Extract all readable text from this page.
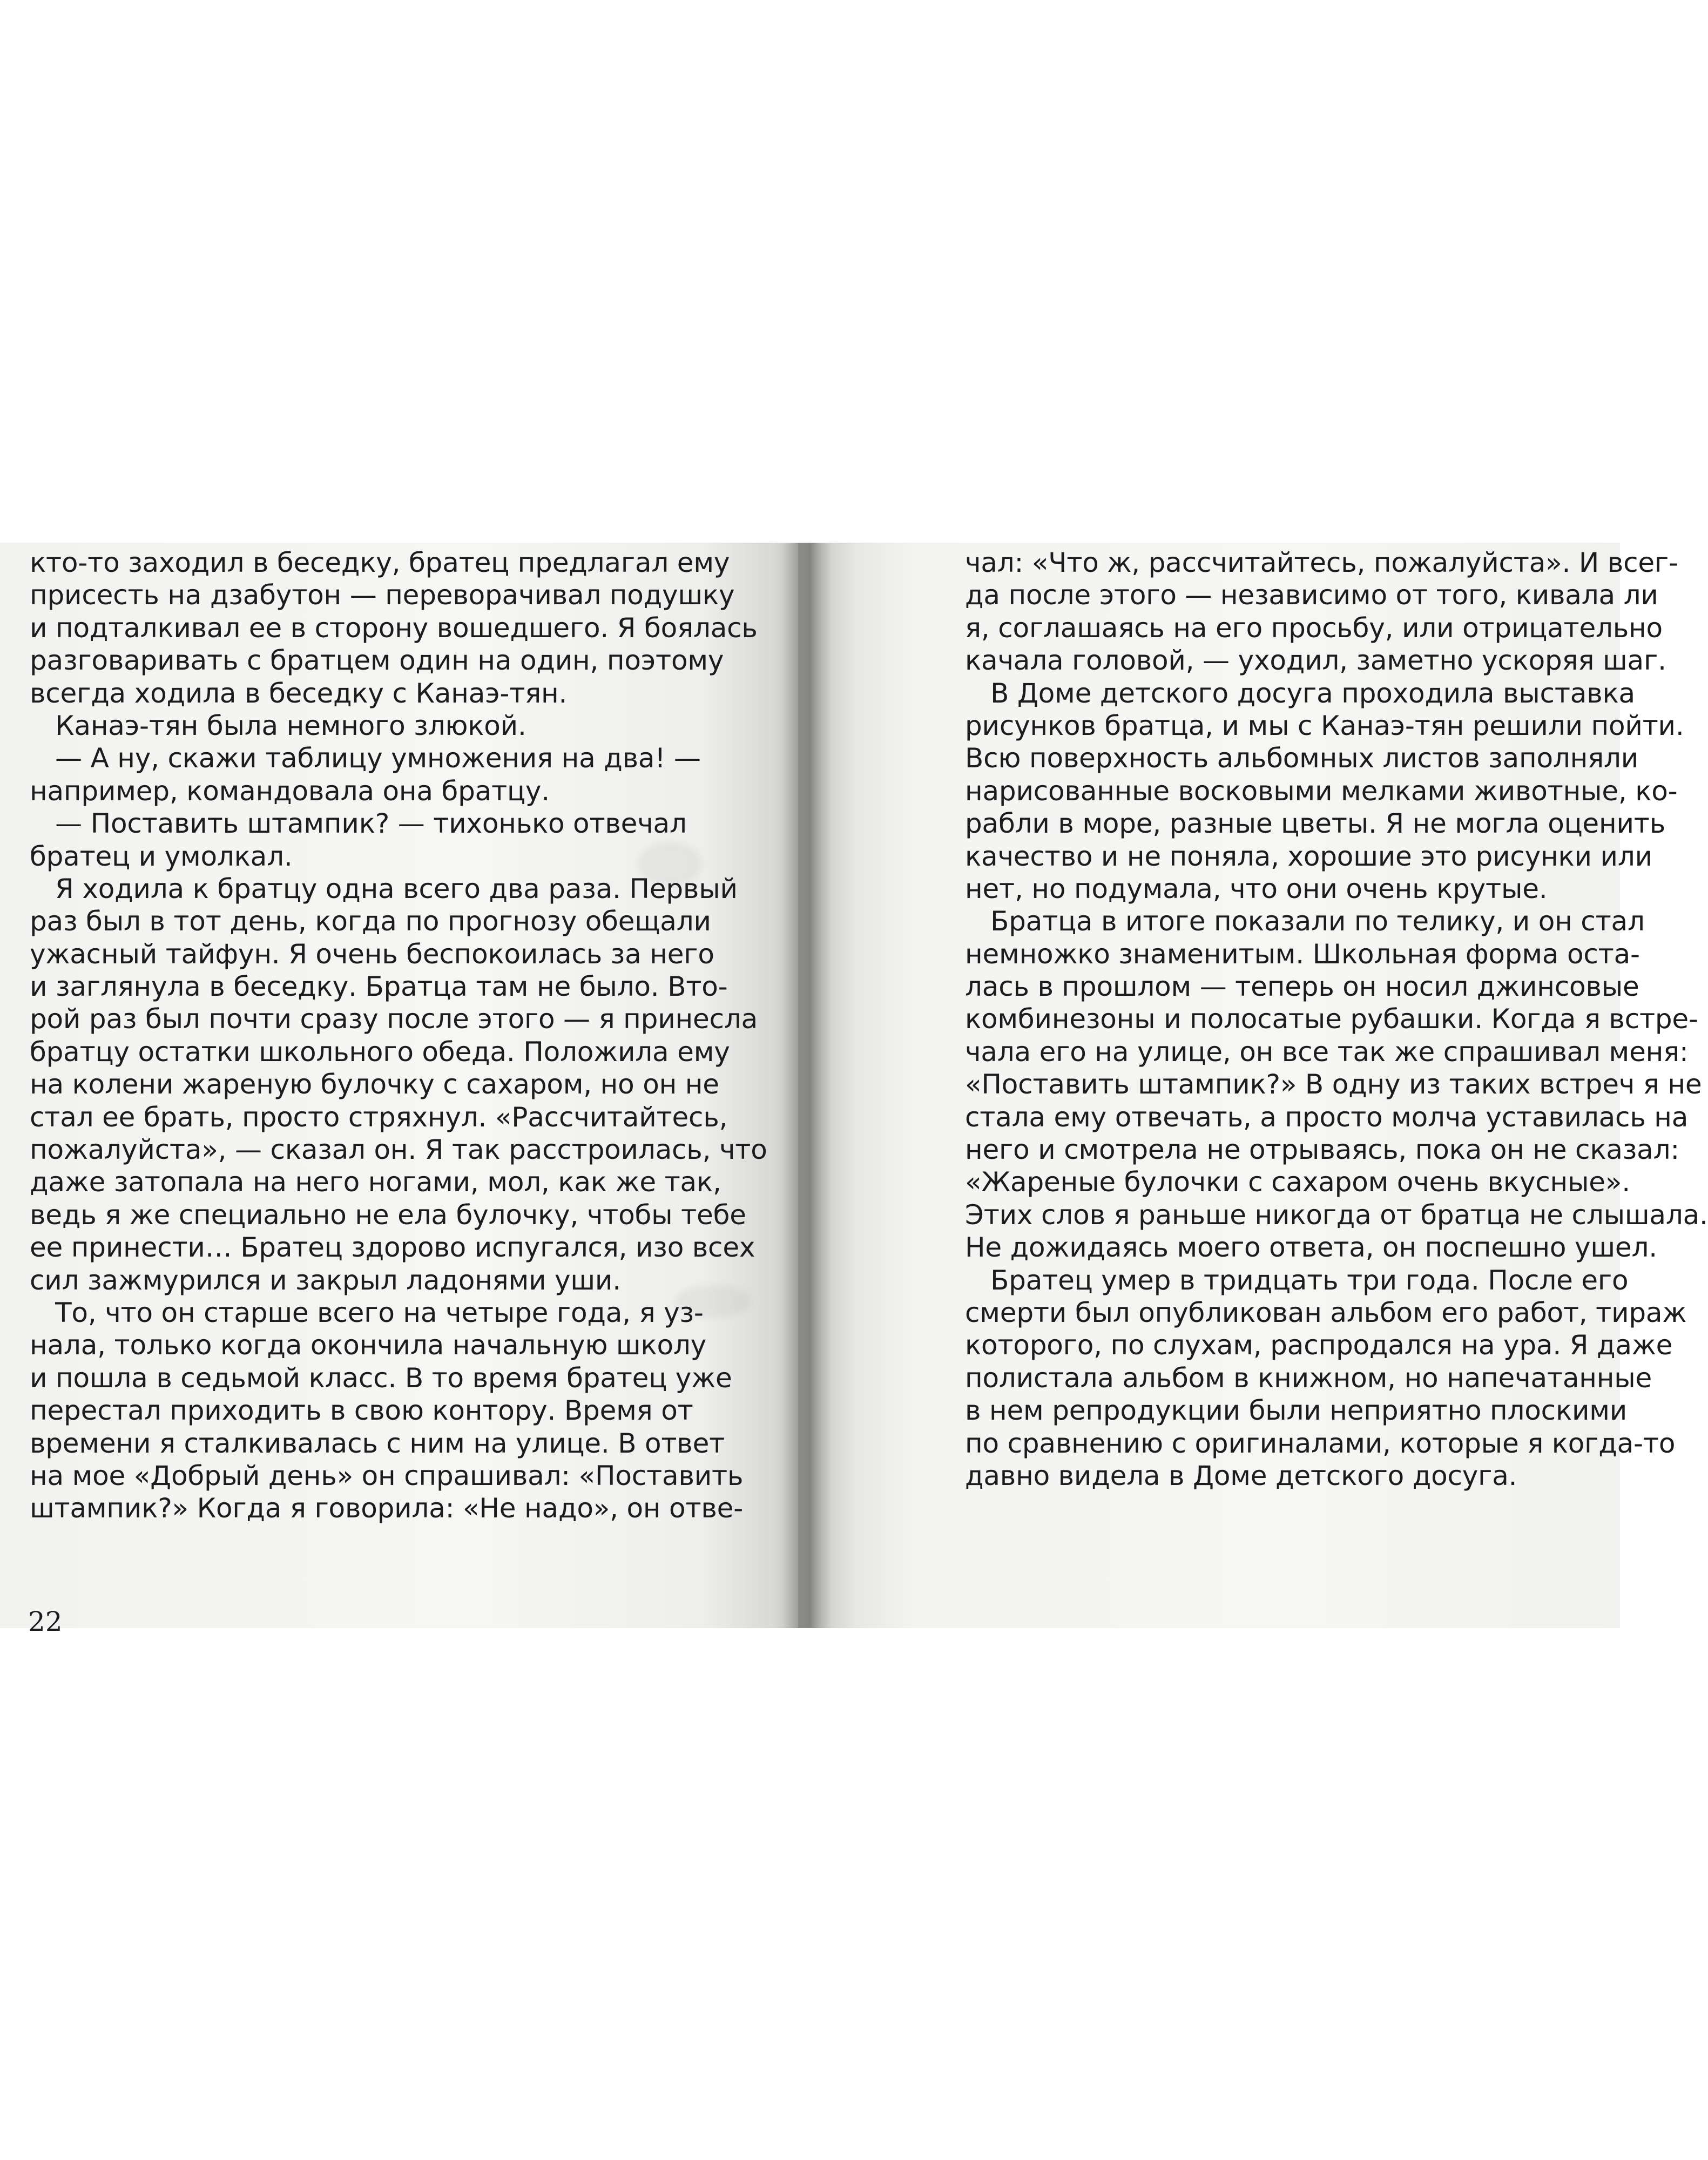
кто-то заходил в беседку, братец предлагал ему
присесть на дзабутон — переворачивал подушку
и подталкивал ее в сторону вошедшего. Я боялась
разговаривать с братцем один на один, поэтому
всегда ходила в беседку с Канаэ-тян.
Канаэ-тян была немного злюкой.
— А ну, скажи таблицу умножения на два! —
например, командовала она братцу.
— Поставить штампик? — тихонько отвечал
братец и умолкал.
Я ходила к братцу одна всего два раза. Первый
раз был в тот день, когда по прогнозу обещали
ужасный тайфун. Я очень беспокоилась за него
и заглянула в беседку. Братца там не было. Вто-
рой раз был почти сразу после этого — я принесла
братцу остатки школьного обеда. Положила ему
на колени жареную булочку с сахаром, но он не
стал ее брать, просто стряхнул. «Рассчитайтесь,
пожалуйста», — сказал он. Я так расстроилась, что
даже затопала на него ногами, мол, как же так,
ведь я же специально не ела булочку, чтобы тебе
ее принести… Братец здорово испугался, изо всех
сил зажмурился и закрыл ладонями уши.
То, что он старше всего на четыре года, я уз-
нала, только когда окончила начальную школу
и пошла в седьмой класс. В то время братец уже
перестал приходить в свою контору. Время от
времени я сталкивалась с ним на улице. В ответ
на мое «Добрый день» он спрашивал: «Поставить
штампик?» Когда я говорила: «Не надо», он отве-
чал: «Что ж, рассчитайтесь, пожалуйста». И всег-
да после этого — независимо от того, кивала ли
я, соглашаясь на его просьбу, или отрицательно
качала головой, — уходил, заметно ускоряя шаг.
В Доме детского досуга проходила выставка
рисунков братца, и мы с Канаэ-тян решили пойти.
Всю поверхность альбомных листов заполняли
нарисованные восковыми мелками животные, ко-
рабли в море, разные цветы. Я не могла оценить
качество и не поняла, хорошие это рисунки или
нет, но подумала, что они очень крутые.
Братца в итоге показали по телику, и он стал
немножко знаменитым. Школьная форма оста-
лась в прошлом — теперь он носил джинсовые
комбинезоны и полосатые рубашки. Когда я встре-
чала его на улице, он все так же спрашивал меня:
«Поставить штампик?» В одну из таких встреч я не
стала ему отвечать, а просто молча уставилась на
него и смотрела не отрываясь, пока он не сказал:
«Жареные булочки с сахаром очень вкусные».
Этих слов я раньше никогда от братца не слышала.
Не дожидаясь моего ответа, он поспешно ушел.
Братец умер в тридцать три года. После его
смерти был опубликован альбом его работ, тираж
которого, по слухам, распродался на ура. Я даже
полистала альбом в книжном, но напечатанные
в нем репродукции были неприятно плоскими
по сравнению с оригиналами, которые я когда-то
давно видела в Доме детского досуга.
22
